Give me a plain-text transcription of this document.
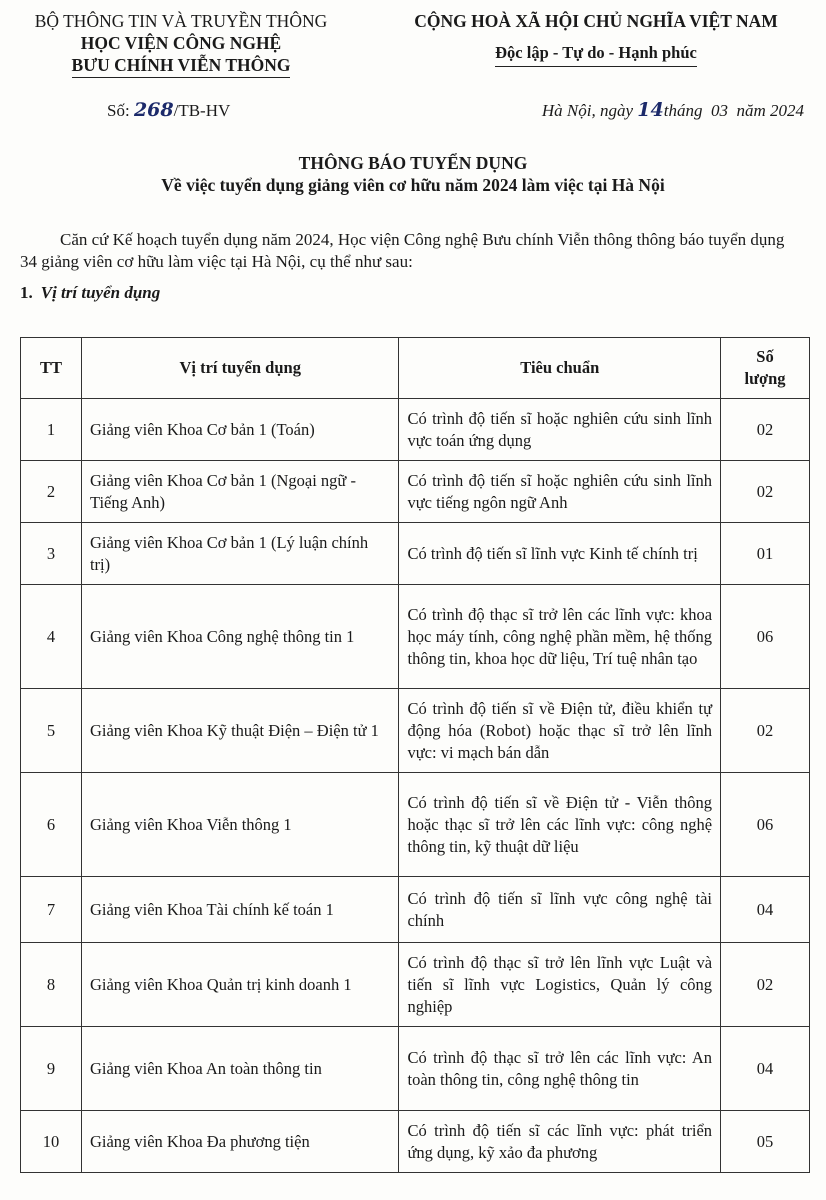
BỘ THÔNG TIN VÀ TRUYỀN THÔNG
HỌC VIỆN CÔNG NGHỆ
BƯU CHÍNH VIỄN THÔNG
CỘNG HOÀ XÃ HỘI CHỦ NGHĨA VIỆT NAM
Độc lập - Tự do - Hạnh phúc
Số: 268/TB-HV	Hà Nội, ngày 14tháng  03  năm 2024
THÔNG BÁO TUYỂN DỤNG
Về việc tuyển dụng giảng viên cơ hữu năm 2024 làm việc tại Hà Nội

Căn cứ Kế hoạch tuyển dụng năm 2024, Học viện Công nghệ Bưu chính Viễn thông thông báo tuyển dụng 34 giảng viên cơ hữu làm việc tại Hà Nội, cụ thể như sau:

1. Vị trí tuyển dụng
TT	Vị trí tuyển dụng	Tiêu chuẩn	Số
lượng
1	Giảng viên Khoa Cơ bản 1 (Toán)	Có trình độ tiến sĩ hoặc nghiên cứu sinh lĩnh vực toán ứng dụng	02
2	Giảng viên Khoa Cơ bản 1 (Ngoại ngữ - Tiếng Anh)	Có trình độ tiến sĩ hoặc nghiên cứu sinh lĩnh vực tiếng ngôn ngữ Anh	02
3	Giảng viên Khoa Cơ bản 1 (Lý luận chính trị)	Có trình độ tiến sĩ lĩnh vực Kinh tế chính trị	01
4	Giảng viên Khoa Công nghệ thông tin 1	Có trình độ thạc sĩ trở lên các lĩnh vực: khoa học máy tính, công nghệ phần mềm, hệ thống thông tin, khoa học dữ liệu, Trí tuệ nhân tạo	06
5	Giảng viên Khoa Kỹ thuật Điện – Điện tử 1	Có trình độ tiến sĩ về Điện tử, điều khiển tự động hóa (Robot) hoặc thạc sĩ trở lên lĩnh vực: vi mạch bán dẫn	02
6	Giảng viên Khoa Viễn thông 1	Có trình độ tiến sĩ về Điện tử - Viễn thông hoặc thạc sĩ trở lên các lĩnh vực: công nghệ thông tin, kỹ thuật dữ liệu	06
7	Giảng viên Khoa Tài chính kế toán 1	Có trình độ tiến sĩ lĩnh vực công nghệ tài chính	04
8	Giảng viên Khoa Quản trị kinh doanh 1	Có trình độ thạc sĩ trở lên lĩnh vực Luật và tiến sĩ lĩnh vực Logistics, Quản lý công nghiệp	02
9	Giảng viên Khoa An toàn thông tin	Có trình độ thạc sĩ trở lên các lĩnh vực: An toàn thông tin, công nghệ thông tin	04
10	Giảng viên Khoa Đa phương tiện	Có trình độ tiến sĩ các lĩnh vực: phát triển ứng dụng, kỹ xảo đa phương	05
